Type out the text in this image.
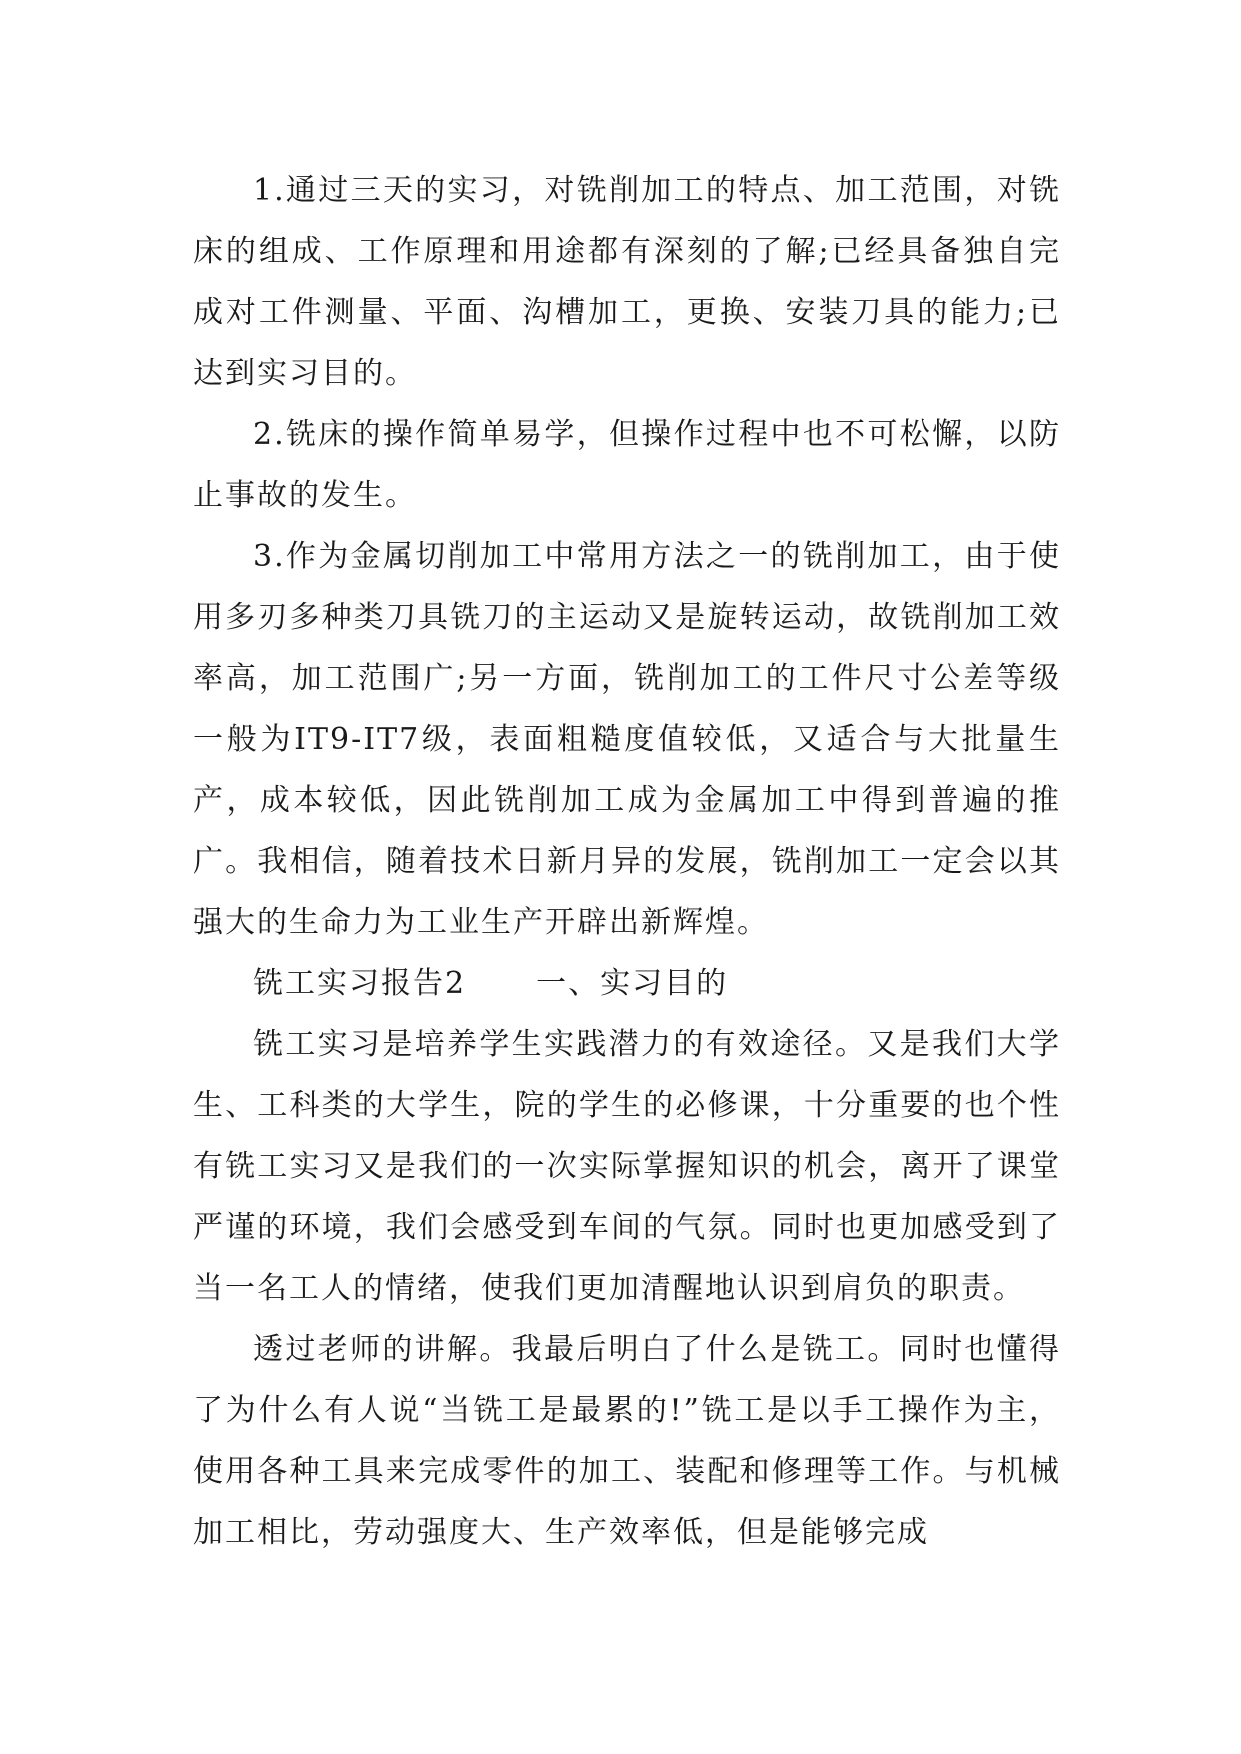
1.通过三天的实习，对铣削加工的特点、加工范围，对铣床的组成、工作原理和用途都有深刻的了解;已经具备独自完成对工件测量、平面、沟槽加工，更换、安装刀具的能力;已达到实习目的。

2.铣床的操作简单易学，但操作过程中也不可松懈，以防止事故的发生。

3.作为金属切削加工中常用方法之一的铣削加工，由于使用多刃多种类刀具铣刀的主运动又是旋转运动，故铣削加工效率高，加工范围广;另一方面，铣削加工的工件尺寸公差等级一般为IT9-IT7级，表面粗糙度值较低，又适合与大批量生产，成本较低，因此铣削加工成为金属加工中得到普遍的推广。我相信，随着技术日新月异的发展，铣削加工一定会以其强大的生命力为工业生产开辟出新辉煌。

铣工实习报告2 一、实习目的

铣工实习是培养学生实践潜力的有效途径。又是我们大学生、工科类的大学生，院的学生的必修课，十分重要的也个性有铣工实习又是我们的一次实际掌握知识的机会，离开了课堂严谨的环境，我们会感受到车间的气氛。同时也更加感受到了当一名工人的情绪，使我们更加清醒地认识到肩负的职责。

透过老师的讲解。我最后明白了什么是铣工。同时也懂得了为什么有人说“当铣工是最累的!”铣工是以手工操作为主，使用各种工具来完成零件的加工、装配和修理等工作。与机械加工相比，劳动强度大、生产效率低，但是能够完成
